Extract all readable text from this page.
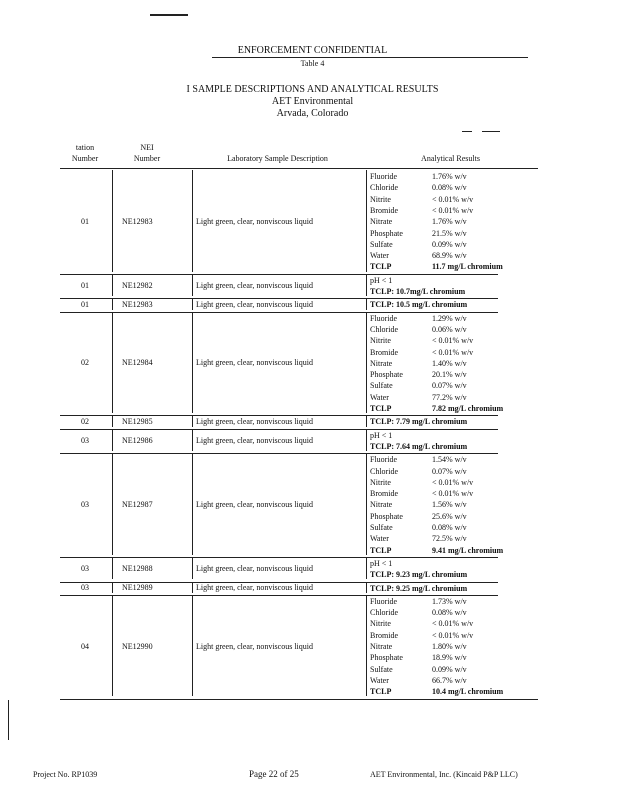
ENFORCEMENT CONFIDENTIAL
Table 4
I SAMPLE DESCRIPTIONS AND ANALYTICAL RESULTS
AET Environmental
Arvada, Colorado
tation
Number
NEI
Number	Laboratory Sample Description	Analytical Results
01	NE12983	Light green, clear, nonviscous liquid
Fluoride	1.76% w/v
Chloride	0.08% w/v
Nitrite	< 0.01% w/v
Bromide	< 0.01% w/v
Nitrate	1.76% w/v
Phosphate	21.5% w/v
Sulfate	0.09% w/v
Water	68.9% w/v
TCLP	11.7 mg/L chromium
01	NE12982	Light green, clear, nonviscous liquid
pH < 1
TCLP: 10.7mg/L chromium
01	NE12983	Light green, clear, nonviscous liquid	TCLP: 10.5 mg/L chromium
02	NE12984	Light green, clear, nonviscous liquid
Fluoride	1.29% w/v
Chloride	0.06% w/v
Nitrite	< 0.01% w/v
Bromide	< 0.01% w/v
Nitrate	1.40% w/v
Phosphate	20.1% w/v
Sulfate	0.07% w/v
Water	77.2% w/v
TCLP	7.82 mg/L chromium
02	NE12985	Light green, clear, nonviscous liquid	TCLP: 7.79 mg/L chromium
03	NE12986	Light green, clear, nonviscous liquid
pH < 1
TCLP: 7.64 mg/L chromium
03	NE12987	Light green, clear, nonviscous liquid
Fluoride	1.54% w/v
Chloride	0.07% w/v
Nitrite	< 0.01% w/v
Bromide	< 0.01% w/v
Nitrate	1.56% w/v
Phosphate	25.6% w/v
Sulfate	0.08% w/v
Water	72.5% w/v
TCLP	9.41 mg/L chromium
03	NE12988	Light green, clear, nonviscous liquid
pH < 1
TCLP: 9.23 mg/L chromium
03	NE12989	Light green, clear, nonviscous liquid	TCLP: 9.25 mg/L chromium
04	NE12990	Light green, clear, nonviscous liquid
Fluoride	1.73% w/v
Chloride	0.08% w/v
Nitrite	< 0.01% w/v
Bromide	< 0.01% w/v
Nitrate	1.80% w/v
Phosphate	18.9% w/v
Sulfate	0.09% w/v
Water	66.7% w/v
TCLP	10.4 mg/L chromium
Project No. RP1039	Page 22 of 25	AET Environmental, Inc. (Kincaid P&P LLC)
